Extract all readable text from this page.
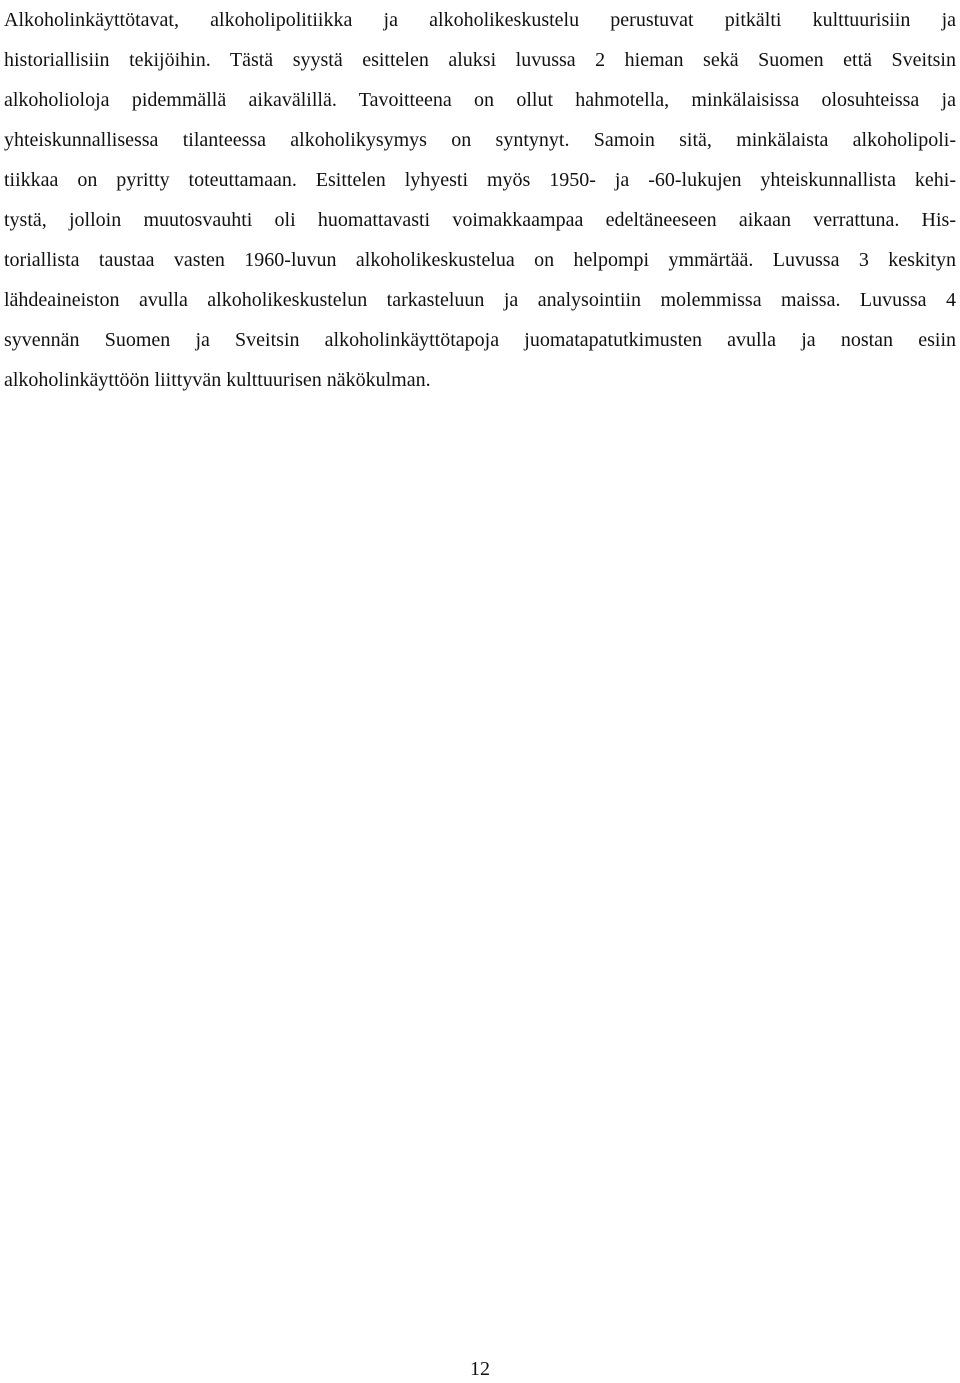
Alkoholinkäyttötavat, alkoholipolitiikka ja alkoholikeskustelu perustuvat pitkälti kulttuurisiin ja
historiallisiin tekijöihin. Tästä syystä esittelen aluksi luvussa 2 hieman sekä Suomen että Sveitsin
alkoholioloja pidemmällä aikavälillä. Tavoitteena on ollut hahmotella, minkälaisissa olosuhteissa ja
yhteiskunnallisessa tilanteessa alkoholikysymys on syntynyt. Samoin sitä, minkälaista alkoholipoli-
tiikkaa on pyritty toteuttamaan. Esittelen lyhyesti myös 1950- ja -60-lukujen yhteiskunnallista kehi-
tystä, jolloin muutosvauhti oli huomattavasti voimakkaampaa edeltäneeseen aikaan verrattuna. His-
toriallista taustaa vasten 1960-luvun alkoholikeskustelua on helpompi ymmärtää. Luvussa 3 keskityn
lähdeaineiston avulla alkoholikeskustelun tarkasteluun ja analysointiin molemmissa maissa. Luvussa 4
syvennän Suomen ja Sveitsin alkoholinkäyttötapoja juomatapatutkimusten avulla ja nostan esiin
alkoholinkäyttöön liittyvän kulttuurisen näkökulman.
12
